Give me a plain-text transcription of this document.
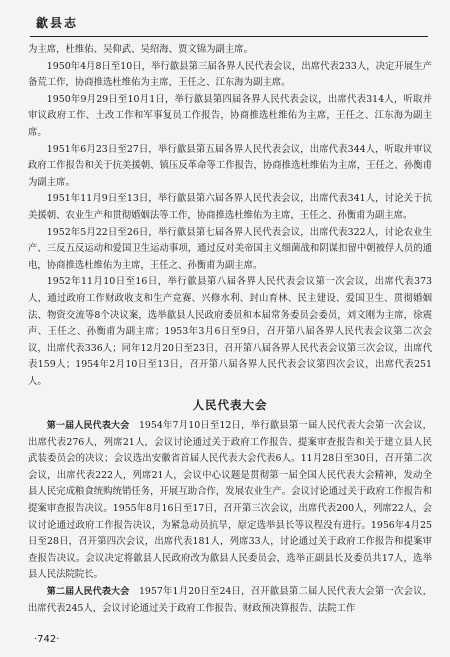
歙县志

为主席，杜维佑、吴仰武、吴绍海、贾文锦为副主席。

1950年4月8日至10日，举行歙县第三届各界人民代表会议，出席代表233人，决定开展生产备荒工作，协商推选杜维佑为主席，王任之、江东海为副主席。

1950年9月29日至10月1日，举行歙县第四届各界人民代表会议，出席代表314人，听取并审议政府工作、土改工作和军事复员工作报告，协商推选杜维佑为主席，王任之、江东海为副主席。

1951年6月23日至27日，举行歙县第五届各界人民代表会议，出席代表344人，听取并审议政府工作报告和关于抗美援朝、镇压反革命等工作报告，协商推选杜维佑为主席，王任之、孙衡甫为副主席。

1951年11月9日至13日，举行歙县第六届各界人民代表会议，出席代表341人，讨论关于抗美援朝、农业生产和贯彻婚姻法等工作，协商推选杜维佑为主席，王任之、孙衡甫为副主席。

1952年5月22日至26日，举行歙县第七届各界人民代表会议，出席代表322人，讨论农业生产、三反五反运动和爱国卫生运动事项，通过反对美帝国主义细菌战和阴谋扣留中朝被俘人员的通电，协商推选杜维佑为主席，王任之、孙衡甫为副主席。

1952年11月10日至16日，举行歙县第八届各界人民代表会议第一次会议，出席代表373人，通过政府工作财政收支和生产竞赛、兴修水利、封山育林、民主建设、爱国卫生、贯彻婚姻法、物资交流等8个决议案，选举歙县人民政府委员和本届常务委员会委员，刘文刚为主席，徐震声、王任之、孙衡甫为副主席；1953年3月6日至9日，召开第八届各界人民代表会议第二次会议，出席代表336人；同年12月20日至23日，召开第八届各界人民代表会议第三次会议，出席代表159人；1954年2月10日至13日，召开第八届各界人民代表会议第四次会议，出席代表251人。

人民代表大会

第一届人民代表大会　1954年7月10日至12日，举行歙县第一届人民代表大会第一次会议，出席代表276人，列席21人，会议讨论通过关于政府工作报告、提案审查报告和关于建立县人民武装委员会的决议；会议选出安徽省首届人民代表大会代表6人。11月28日至30日，召开第二次会议，出席代表222人，列席21人，会议中心议题是贯彻第一届全国人民代表大会精神，发动全县人民完成粮食统购统销任务，开展互助合作，发展农业生产。会议讨论通过关于政府工作报告和提案审查报告决议。1955年8月16日至17日，召开第三次会议，出席代表200人，列席22人，会议讨论通过政府工作报告决议，为紧急动员抗旱，原定选举县长等议程没有进行。1956年4月25日至28日，召开第四次会议，出席代表181人，列席33人，讨论通过关于政府工作报告和提案审查报告决议。会议决定将歙县人民政府改为歙县人民委员会，选举正副县长及委员共17人，选举县人民法院院长。

第二届人民代表大会　1957年1月20日至24日，召开歙县第二届人民代表大会第一次会议，出席代表245人，会议讨论通过关于政府工作报告、财政预决算报告、法院工作

·742·
